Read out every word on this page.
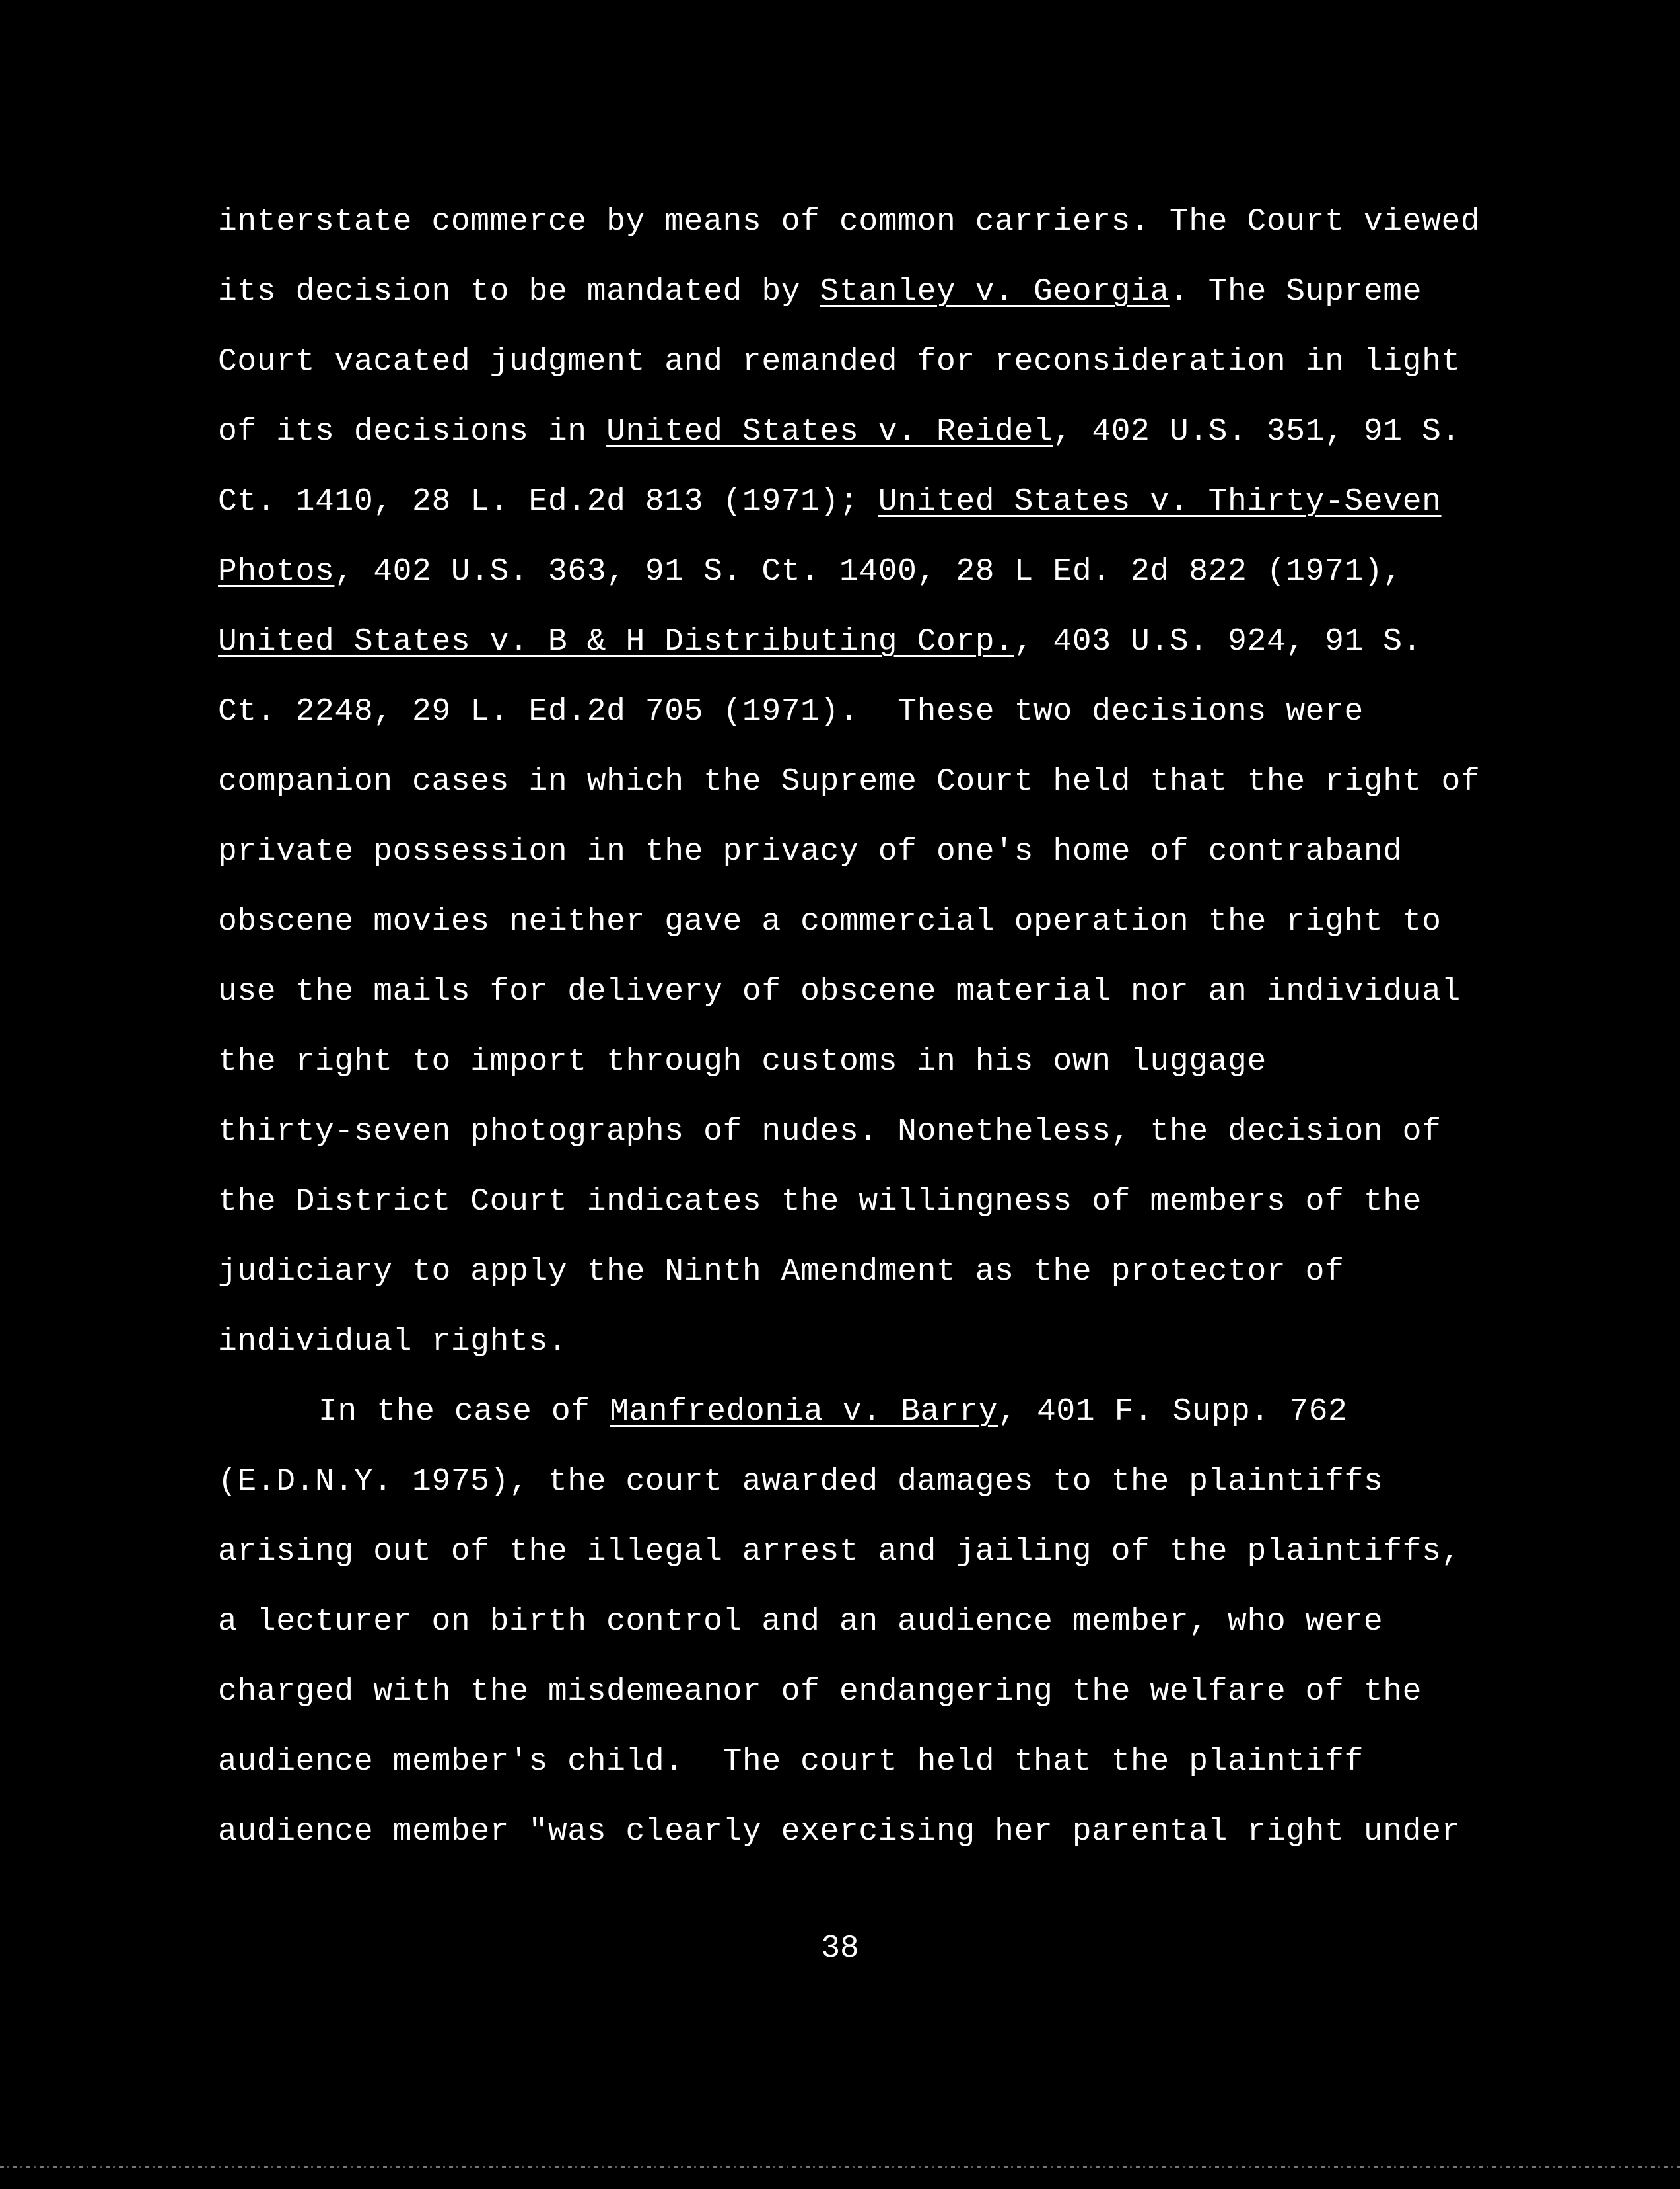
interstate commerce by means of common carriers. The Court viewed
its decision to be mandated by Stanley v. Georgia. The Supreme
Court vacated judgment and remanded for reconsideration in light
of its decisions in United States v. Reidel, 402 U.S. 351, 91 S.
Ct. 1410, 28 L. Ed.2d 813 (1971); United States v. Thirty-Seven
Photos, 402 U.S. 363, 91 S. Ct. 1400, 28 L Ed. 2d 822 (1971),
United States v. B & H Distributing Corp., 403 U.S. 924, 91 S.
Ct. 2248, 29 L. Ed.2d 705 (1971).  These two decisions were
companion cases in which the Supreme Court held that the right of
private possession in the privacy of one's home of contraband
obscene movies neither gave a commercial operation the right to
use the mails for delivery of obscene material nor an individual
the right to import through customs in his own luggage
thirty-seven photographs of nudes. Nonetheless, the decision of
the District Court indicates the willingness of members of the
judiciary to apply the Ninth Amendment as the protector of
individual rights.
In the case of Manfredonia v. Barry, 401 F. Supp. 762
(E.D.N.Y. 1975), the court awarded damages to the plaintiffs
arising out of the illegal arrest and jailing of the plaintiffs,
a lecturer on birth control and an audience member, who were
charged with the misdemeanor of endangering the welfare of the
audience member's child.  The court held that the plaintiff
audience member "was clearly exercising her parental right under
38
